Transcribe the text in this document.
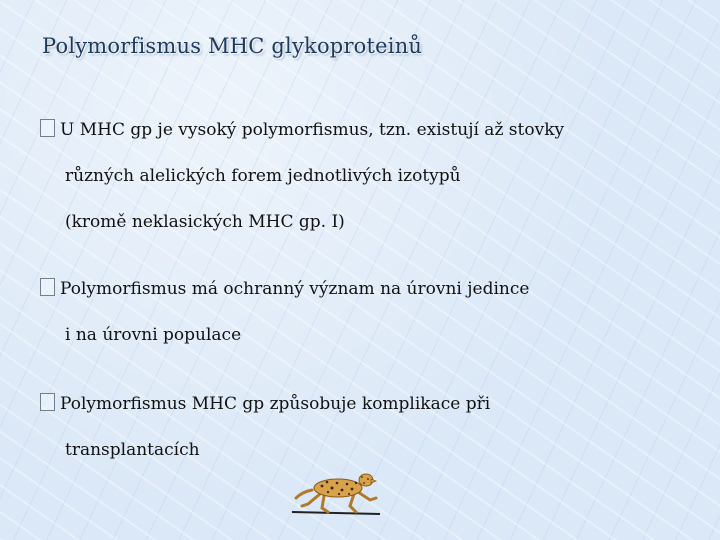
Polymorfismus MHC glykoproteinů
U MHC gp je vysoký polymorfismus, tzn. existují až stovky
různých alelických forem jednotlivých izotypů
(kromě neklasických MHC gp. I)
Polymorfismus má ochranný význam na úrovni jedince
i na úrovni populace
Polymorfismus MHC gp způsobuje komplikace při
transplantacích
